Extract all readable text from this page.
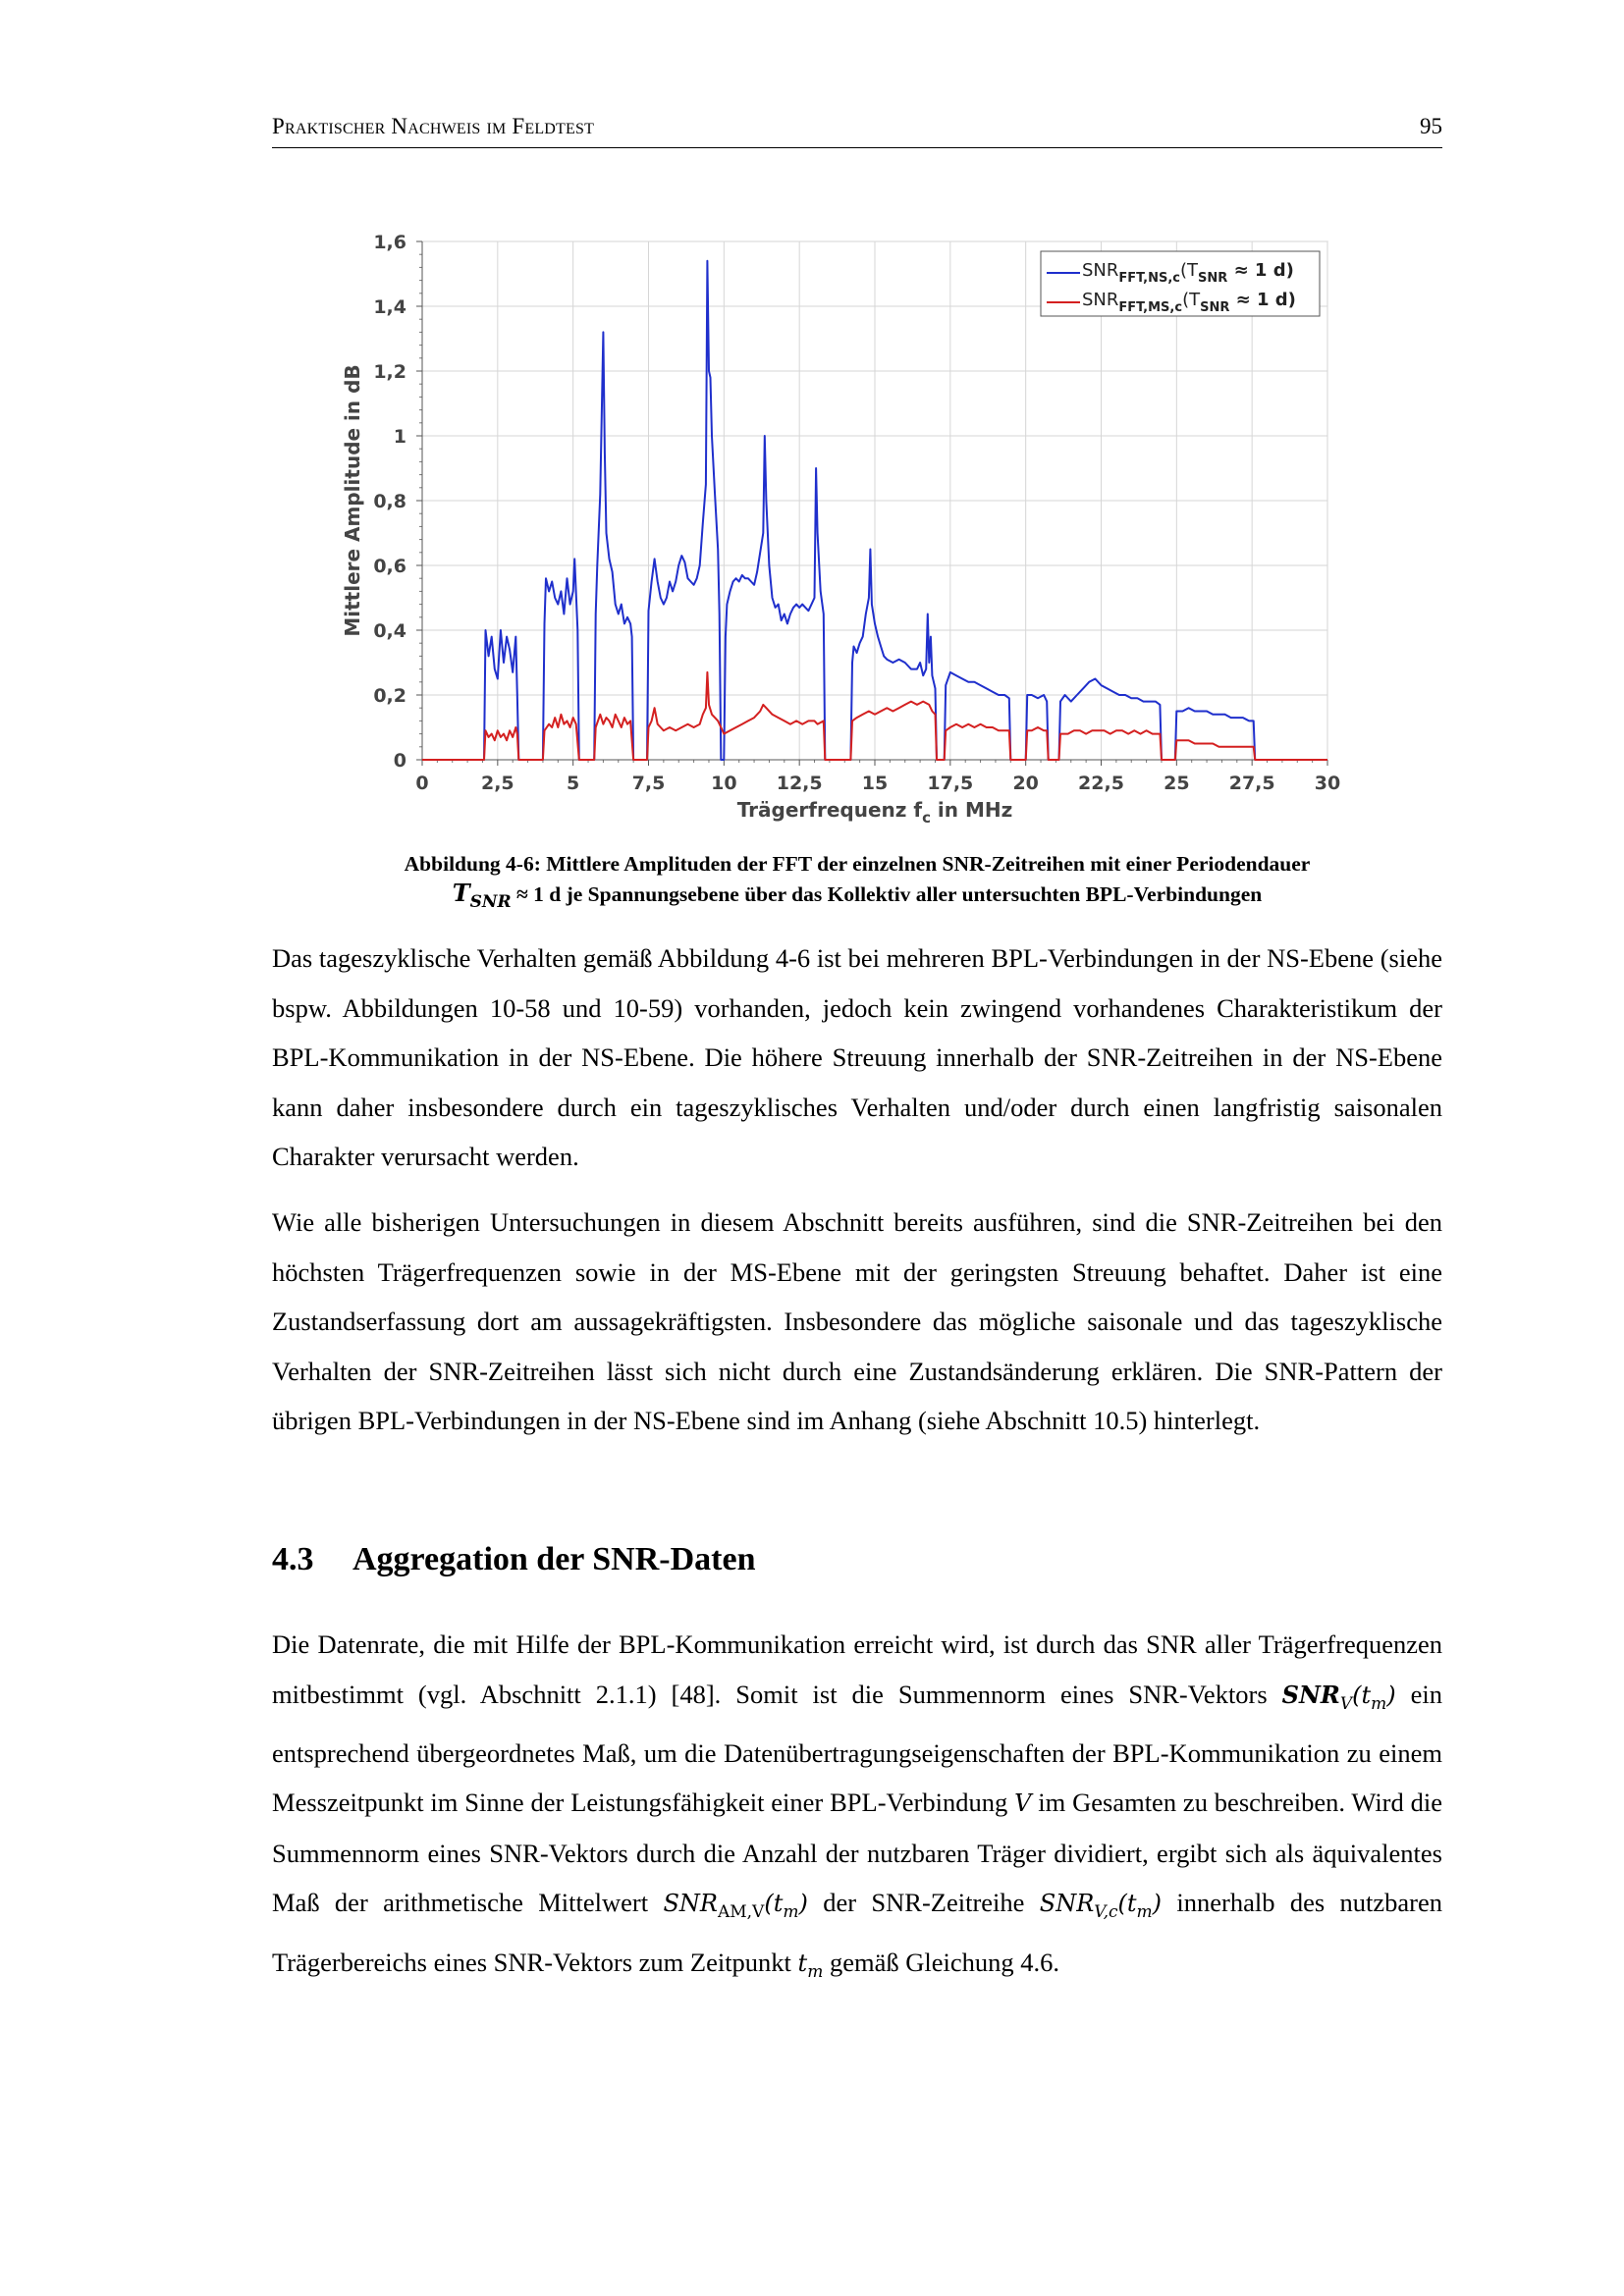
Praktischer Nachweis im Feldtest	95
0	2,5	5	7,5 10 12,5 15 17,5 20 22,5 25 27,5 30
0
0,2
0,4
0,6
0,8
1
1,2
1,4
1,6
Trägerfrequenz $f_c$ in MHz
Mittlere Amplitude in dB
$SNR_{FFT,NS,c}(T_{SNR} \approx 1$ d)
$SNR_{FFT,MS,c}(T_{SNR} \approx 1$ d)
Abbildung 4-6: Mittlere Amplituden der FFT der einzelnen SNR-Zeitreihen mit einer Periodendauer
$T_{SNR} \approx 1$ d je Spannungsebene über das Kollektiv aller untersuchten BPL-Verbindungen

Das tageszyklische Verhalten gemäß Abbildung 4-6 ist bei mehreren BPL-Verbindungen in der NS-Ebene (siehe bspw. Abbildungen 10-58 und 10-59) vorhanden, jedoch kein zwingend vorhandenes Charakteristikum der BPL-Kommunikation in der NS-Ebene. Die höhere Streuung innerhalb der SNR-Zeitreihen in der NS-Ebene kann daher insbesondere durch ein tageszyklisches Verhalten und/oder durch einen langfristig saisonalen Charakter verursacht werden.

Wie alle bisherigen Untersuchungen in diesem Abschnitt bereits ausführen, sind die SNR-Zeitreihen bei den höchsten Trägerfrequenzen sowie in der MS-Ebene mit der geringsten Streuung behaftet. Daher ist eine Zustandserfassung dort am aussagekräftigsten. Insbesondere das mögliche saisonale und das tageszyklische Verhalten der SNR-Zeitreihen lässt sich nicht durch eine Zustandsänderung erklären. Die SNR-Pattern der übrigen BPL-Verbindungen in der NS-Ebene sind im Anhang (siehe Abschnitt 10.5) hinterlegt.

4.3 Aggregation der SNR-Daten

Die Datenrate, die mit Hilfe der BPL-Kommunikation erreicht wird, ist durch das SNR aller Trägerfrequenzen mitbestimmt (vgl. Abschnitt 2.1.1) [48]. Somit ist die Summennorm eines SNR-Vektors $SNR_V(t_m)$ ein entsprechend übergeordnetes Maß, um die Datenübertragungseigenschaften der BPL-Kommunikation zu einem Messzeitpunkt im Sinne der Leistungsfähigkeit einer BPL-Verbindung V im Gesamten zu beschreiben. Wird die Summennorm eines SNR-Vektors durch die Anzahl der nutzbaren Träger dividiert, ergibt sich als äquivalentes Maß der arithmetische Mittelwert $SNR_{AM,V}(t_m)$ der SNR-Zeitreihe $SNR_{V,c}(t_m)$ innerhalb des nutzbaren Trägerbereichs eines SNR-Vektors zum Zeitpunkt $t_m$ gemäß Gleichung 4.6.
